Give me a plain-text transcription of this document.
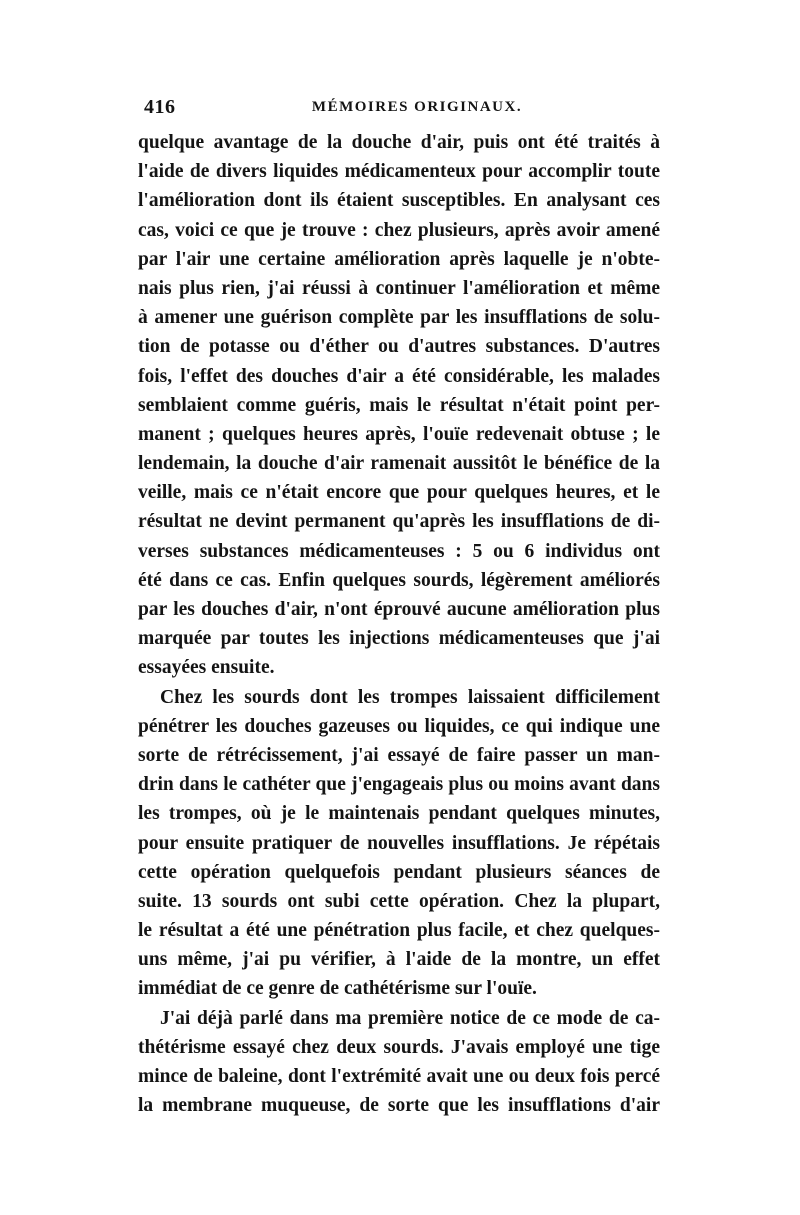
416	MÉMOIRES ORIGINAUX.
quelque avantage de la douche d'air, puis ont été traités à
l'aide de divers liquides médicamenteux pour accomplir toute
l'amélioration dont ils étaient susceptibles. En analysant ces
cas, voici ce que je trouve : chez plusieurs, après avoir amené
par l'air une certaine amélioration après laquelle je n'obte-
nais plus rien, j'ai réussi à continuer l'amélioration et même
à amener une guérison complète par les insufflations de solu-
tion de potasse ou d'éther ou d'autres substances. D'autres
fois, l'effet des douches d'air a été considérable, les malades
semblaient comme guéris, mais le résultat n'était point per-
manent ; quelques heures après, l'ouïe redevenait obtuse ; le
lendemain, la douche d'air ramenait aussitôt le bénéfice de la
veille, mais ce n'était encore que pour quelques heures, et le
résultat ne devint permanent qu'après les insufflations de di-
verses substances médicamenteuses : 5 ou 6 individus ont
été dans ce cas. Enfin quelques sourds, légèrement améliorés
par les douches d'air, n'ont éprouvé aucune amélioration plus
marquée par toutes les injections médicamenteuses que j'ai
essayées ensuite.
Chez les sourds dont les trompes laissaient difficilement
pénétrer les douches gazeuses ou liquides, ce qui indique une
sorte de rétrécissement, j'ai essayé de faire passer un man-
drin dans le cathéter que j'engageais plus ou moins avant dans
les trompes, où je le maintenais pendant quelques minutes,
pour ensuite pratiquer de nouvelles insufflations. Je répétais
cette opération quelquefois pendant plusieurs séances de
suite. 13 sourds ont subi cette opération. Chez la plupart,
le résultat a été une pénétration plus facile, et chez quelques-
uns même, j'ai pu vérifier, à l'aide de la montre, un effet
immédiat de ce genre de cathétérisme sur l'ouïe.
J'ai déjà parlé dans ma première notice de ce mode de ca-
thétérisme essayé chez deux sourds. J'avais employé une tige
mince de baleine, dont l'extrémité avait une ou deux fois percé
la membrane muqueuse, de sorte que les insufflations d'air
